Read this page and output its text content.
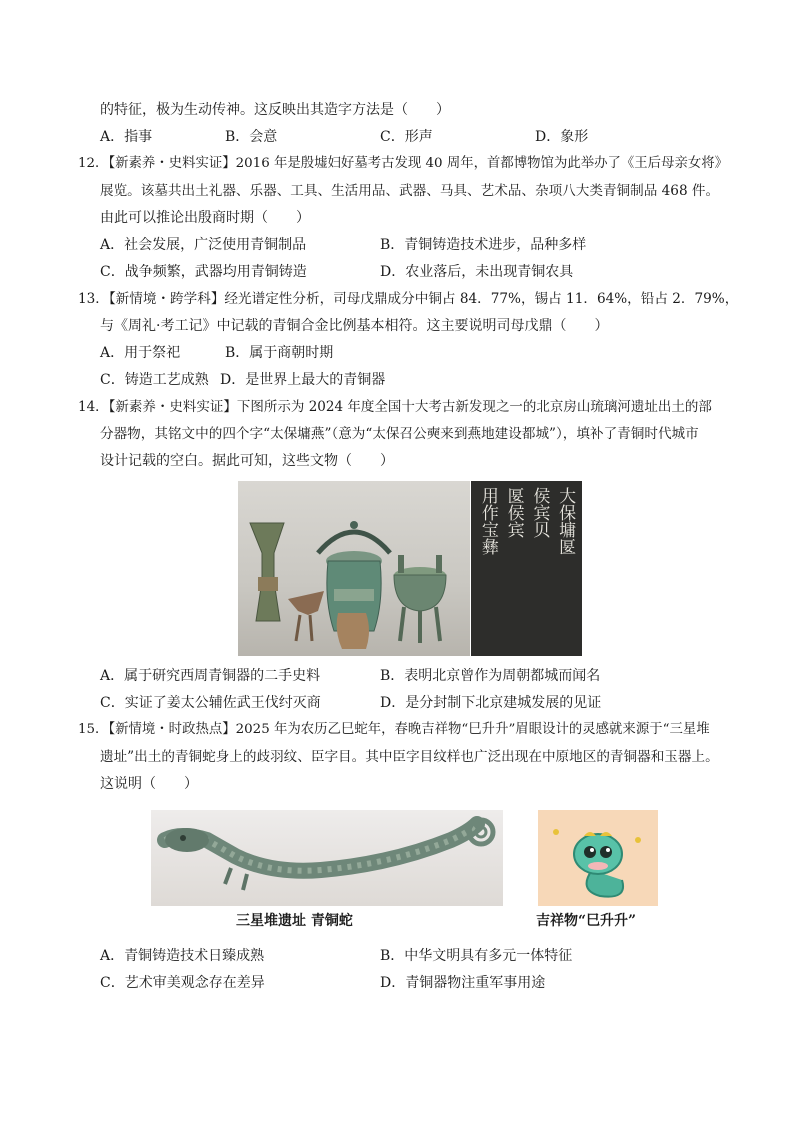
的特征，极为生动传神。这反映出其造字方法是（　　）
A．指事	B．会意	C．形声	D．象形
12．【新素养・史料实证】2016 年是殷墟妇好墓考古发现 40 周年，首都博物馆为此举办了《王后母亲女将》
展览。该墓共出土礼器、乐器、工具、生活用品、武器、马具、艺术品、杂项八大类青铜制品 468 件。
由此可以推论出殷商时期（　　）
A．社会发展，广泛使用青铜制品	B．青铜铸造技术进步，品种多样
C．战争频繁，武器均用青铜铸造	D．农业落后，未出现青铜农具
13．【新情境・跨学科】经光谱定性分析，司母戊鼎成分中铜占 84．77%，锡占 11．64%，铅占 2．79%，
与《周礼·考工记》中记载的青铜合金比例基本相符。这主要说明司母戊鼎（　　）
A．用于祭祀	B．属于商朝时期
C．铸造工艺成熟 D．是世界上最大的青铜器
14．【新素养・史料实证】下图所示为 2024 年度全国十大考古新发现之一的北京房山琉璃河遗址出土的部
分器物，其铭文中的四个字“太保墉燕”（意为“太保召公奭来到燕地建设都城”），填补了青铜时代城市
设计记载的空白。据此可知，这些文物（　　）
大保墉匽
侯宾贝
匽侯宾
用作宝彝
A．属于研究西周青铜器的二手史料	B．表明北京曾作为周朝都城而闻名
C．实证了姜太公辅佐武王伐纣灭商	D．是分封制下北京建城发展的见证
15．【新情境・时政热点】2025 年为农历乙巳蛇年，春晚吉祥物“巳升升”眉眼设计的灵感就来源于“三星堆
遗址”出土的青铜蛇身上的歧羽纹、臣字目。其中臣字目纹样也广泛出现在中原地区的青铜器和玉器上。
这说明（　　）
三星堆遗址 青铜蛇	吉祥物“巳升升”
A．青铜铸造技术日臻成熟	B．中华文明具有多元一体特征
C．艺术审美观念存在差异	D．青铜器物注重军事用途
